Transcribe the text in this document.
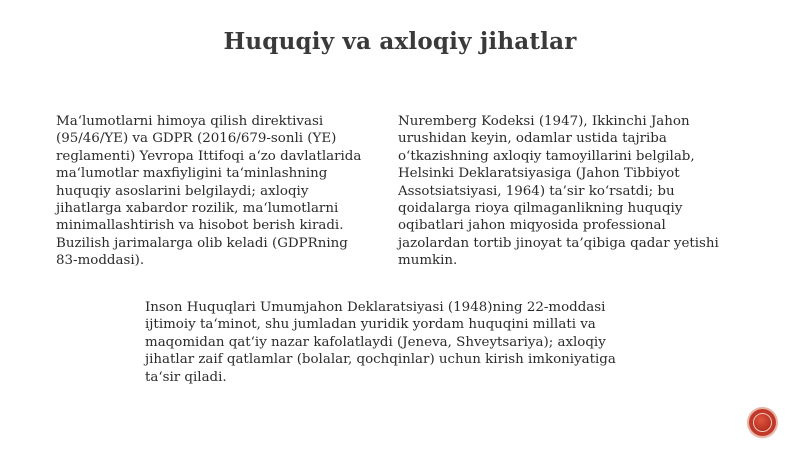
Huquqiy va axloqiy jihatlar

Maʻlumotlarni himoya qilish direktivasi
(95/46/YE) va GDPR (2016/679-sonli (YE)
reglamenti) Yevropa Ittifoqi aʻzo davlatlarida
maʻlumotlar maxfiyligini taʻminlashning
huquqiy asoslarini belgilaydi; axloqiy
jihatlarga xabardor rozilik, maʻlumotlarni
minimallashtirish va hisobot berish kiradi.
Buzilish jarimalarga olib keladi (GDPRning
83-moddasi).

Nuremberg Kodeksi (1947), Ikkinchi Jahon
urushidan keyin, odamlar ustida tajriba
o‘tkazishning axloqiy tamoyillarini belgilab,
Helsinki Deklaratsiyasiga (Jahon Tibbiyot
Assotsiatsiyasi, 1964) ta’sir ko‘rsatdi; bu
qoidalarga rioya qilmaganlikning huquqiy
oqibatlari jahon miqyosida professional
jazolardan tortib jinoyat ta’qibiga qadar yetishi
mumkin.

Inson Huquqlari Umumjahon Deklaratsiyasi (1948)ning 22-moddasi
ijtimoiy taʻminot, shu jumladan yuridik yordam huquqini millati va
maqomidan qatʻiy nazar kafolatlaydi (Jeneva, Shveytsariya); axloqiy
jihatlar zaif qatlamlar (bolalar, qochqinlar) uchun kirish imkoniyatiga
taʻsir qiladi.
